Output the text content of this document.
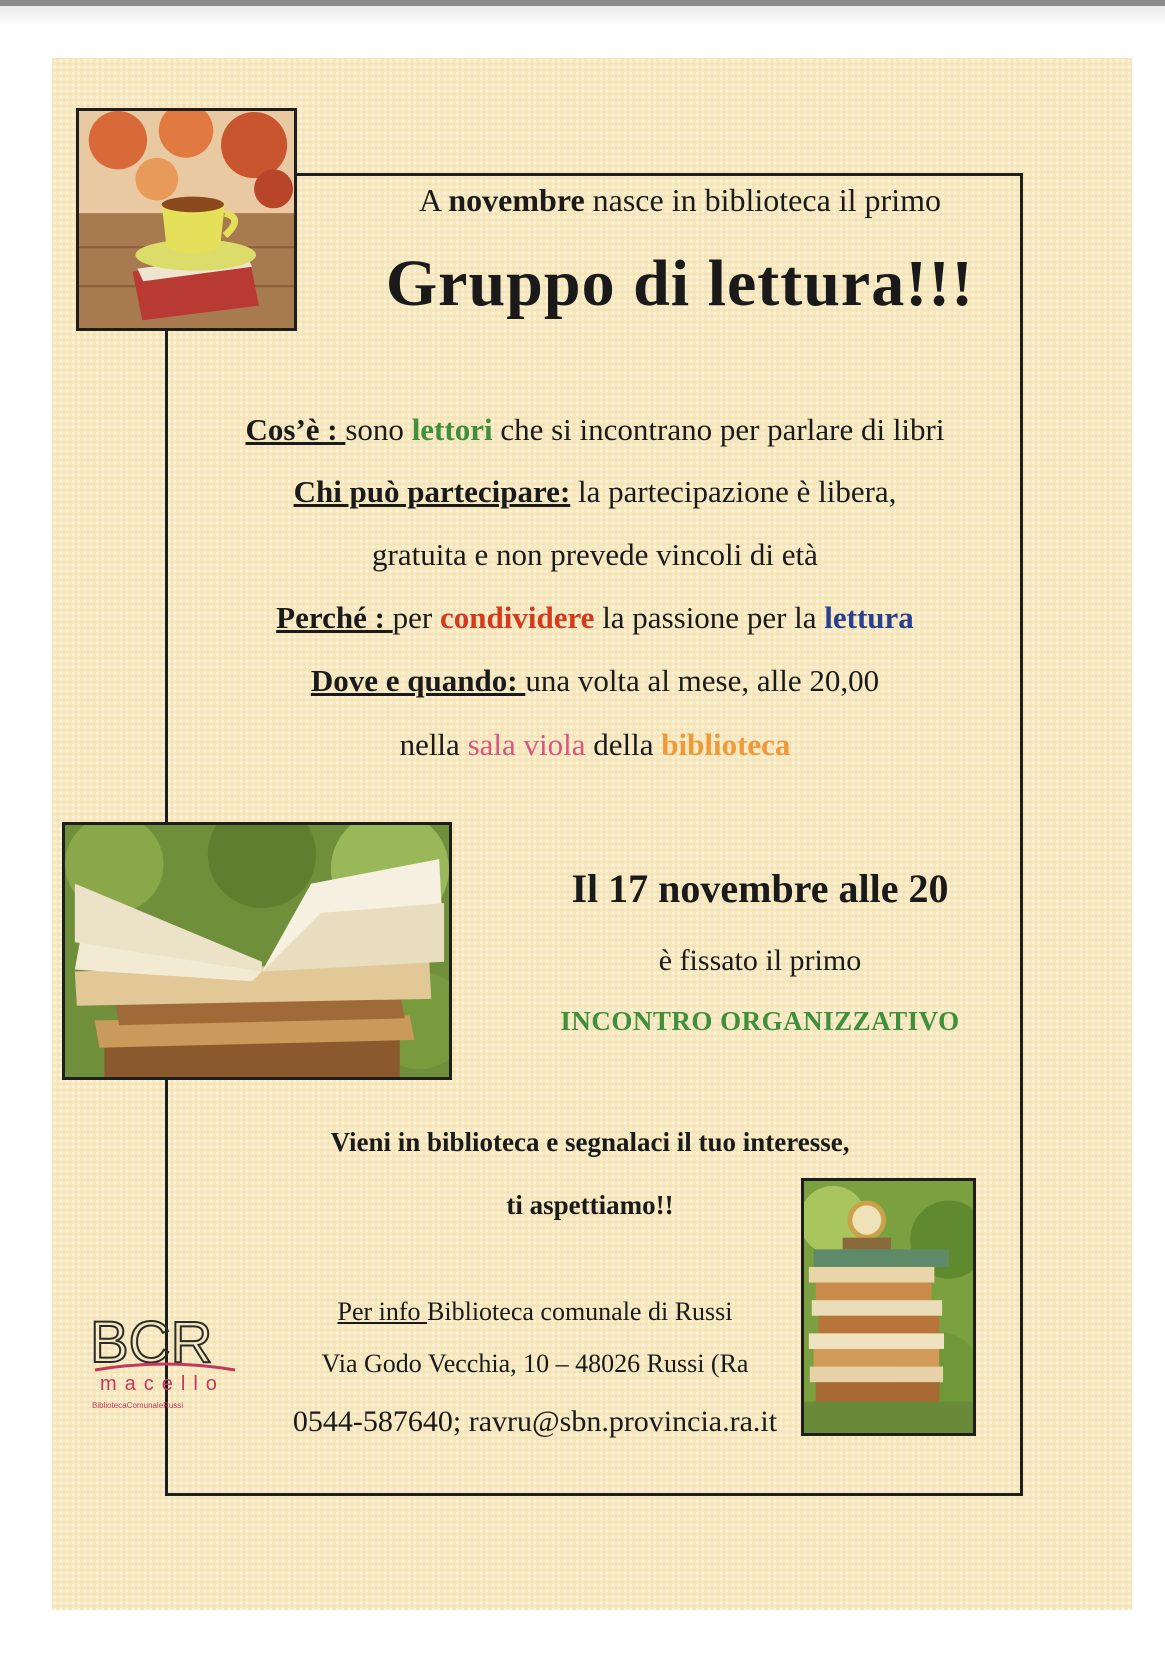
A novembre nasce in biblioteca il primo
Gruppo di lettura!!!
Cos’è : sono lettori che si incontrano per parlare di libri
Chi può partecipare: la partecipazione è libera,
gratuita e non prevede vincoli di età
Perché : per condividere la passione per la lettura
Dove e quando: una volta al mese, alle 20,00
nella sala viola della biblioteca
Il 17 novembre alle 20
è fissato il primo
INCONTRO ORGANIZZATIVO
Vieni in biblioteca e segnalaci il tuo interesse,
ti aspettiamo!!
Per info Biblioteca comunale di Russi
Via Godo Vecchia, 10 – 48026 Russi (Ra
0544-587640; ravru@sbn.provincia.ra.it
BCR
macello
BibliotecaComunaleRussi
